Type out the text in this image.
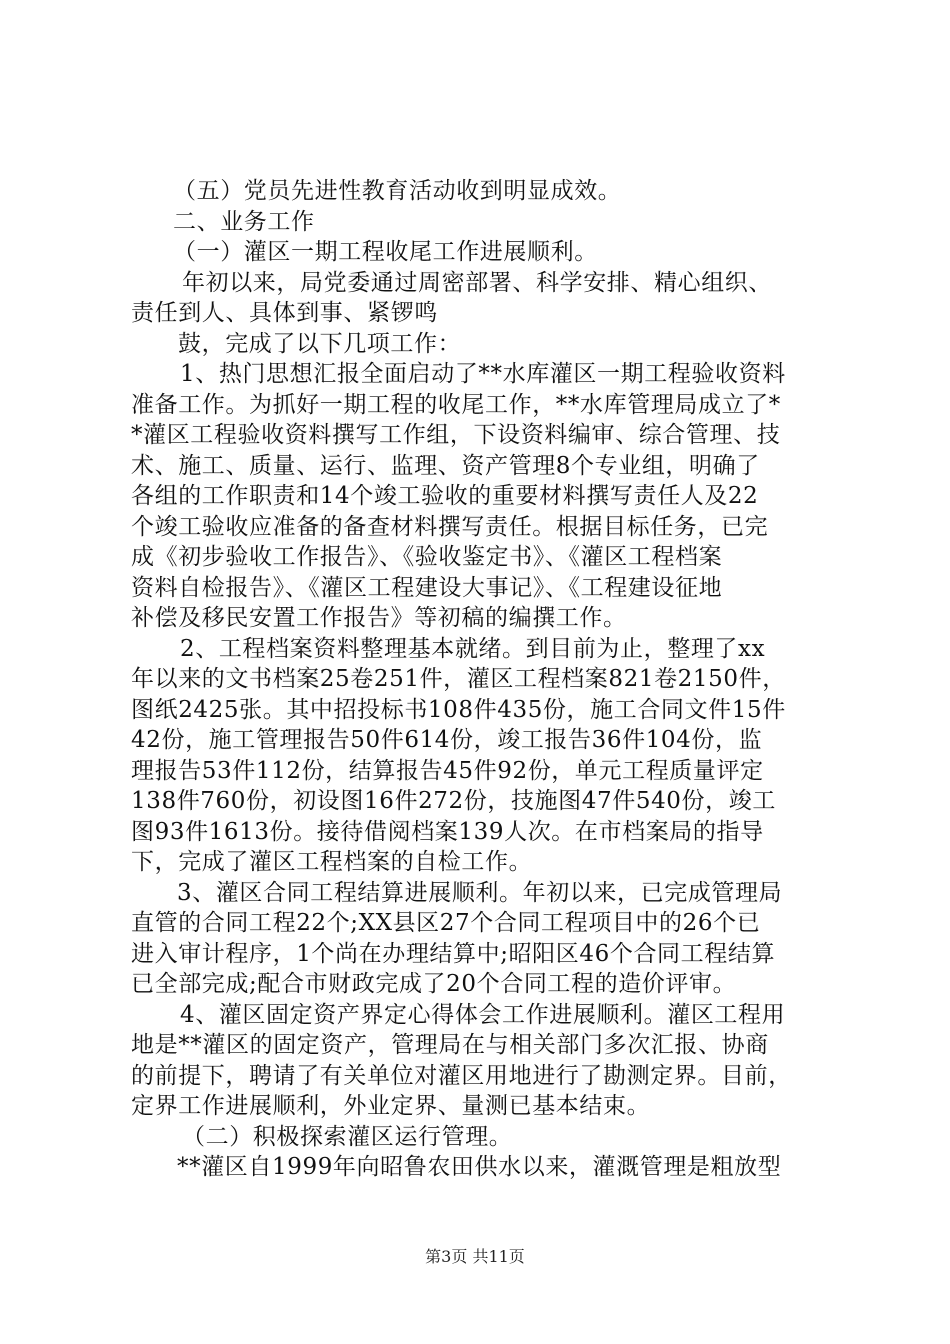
（五）党员先进性教育活动收到明显成效。
二、业务工作
（一）灌区一期工程收尾工作进展顺利。
年初以来，局党委通过周密部署、科学安排、精心组织、
责任到人、具体到事、紧锣鸣
鼓，完成了以下几项工作：
1、热门思想汇报全面启动了**水库灌区一期工程验收资料
准备工作。为抓好一期工程的收尾工作，**水库管理局成立了*
*灌区工程验收资料撰写工作组，下设资料编审、综合管理、技
术、施工、质量、运行、监理、资产管理8个专业组，明确了
各组的工作职责和14个竣工验收的重要材料撰写责任人及22
个竣工验收应准备的备查材料撰写责任。根据目标任务，已完
成《初步验收工作报告》、《验收鉴定书》、《灌区工程档案
资料自检报告》、《灌区工程建设大事记》、《工程建设征地
补偿及移民安置工作报告》等初稿的编撰工作。
2、工程档案资料整理基本就绪。到目前为止，整理了xx
年以来的文书档案25卷251件，灌区工程档案821卷2150件，
图纸2425张。其中招投标书108件435份，施工合同文件15件
42份，施工管理报告50件614份，竣工报告36件104份，监
理报告53件112份，结算报告45件92份，单元工程质量评定
138件760份，初设图16件272份，技施图47件540份，竣工
图93件1613份。接待借阅档案139人次。在市档案局的指导
下，完成了灌区工程档案的自检工作。
3、灌区合同工程结算进展顺利。年初以来，已完成管理局
直管的合同工程22个;XX县区27个合同工程项目中的26个已
进入审计程序，1个尚在办理结算中;昭阳区46个合同工程结算
已全部完成;配合市财政完成了20个合同工程的造价评审。
4、灌区固定资产界定心得体会工作进展顺利。灌区工程用
地是**灌区的固定资产，管理局在与相关部门多次汇报、协商
的前提下，聘请了有关单位对灌区用地进行了勘测定界。目前，
定界工作进展顺利，外业定界、量测已基本结束。
（二）积极探索灌区运行管理。
**灌区自1999年向昭鲁农田供水以来，灌溉管理是粗放型
第3页 共11页
